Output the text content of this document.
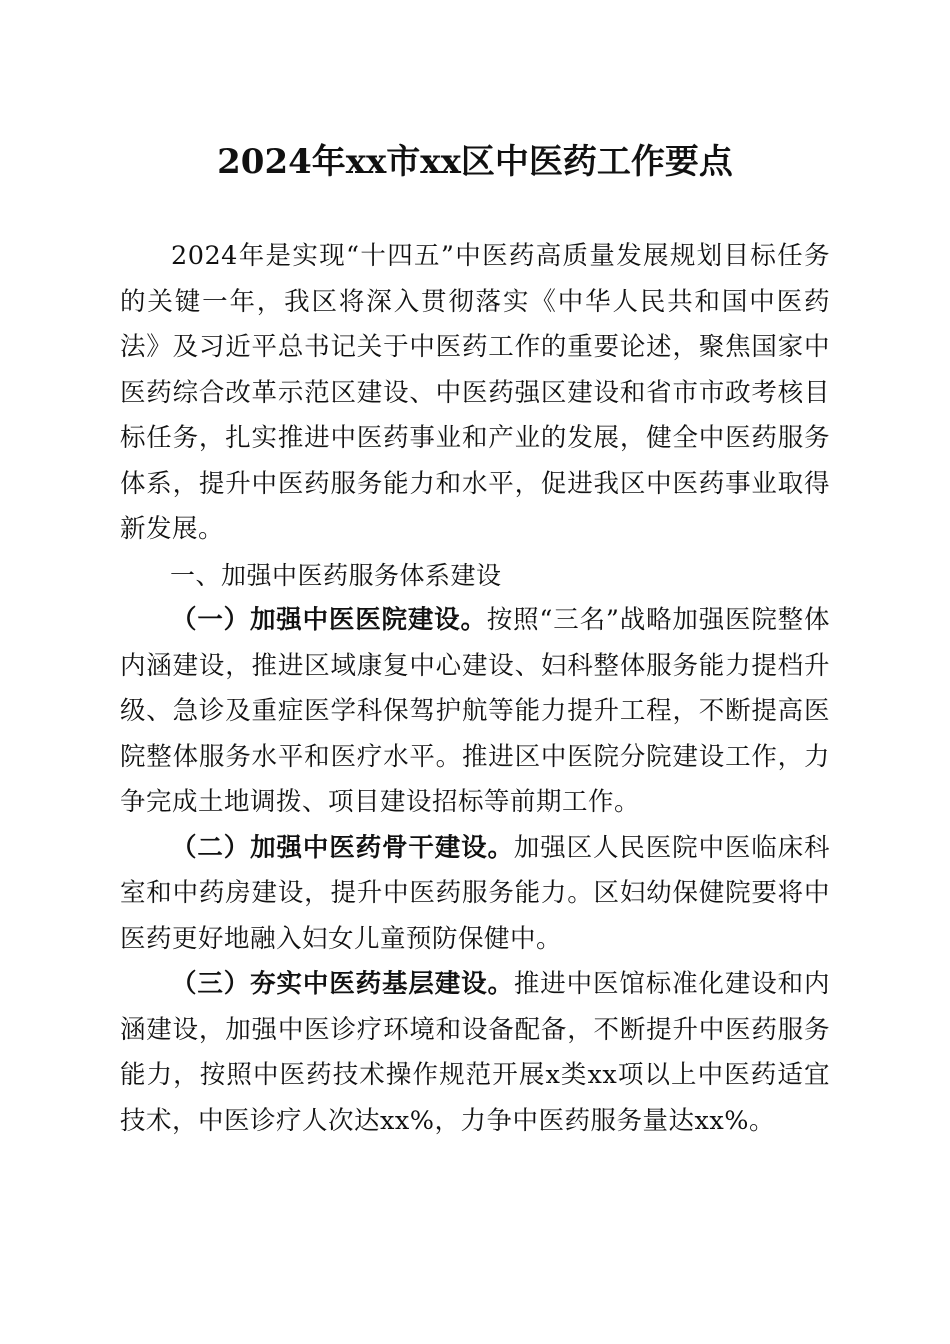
2024年xx市xx区中医药工作要点

2024年是实现“十四五”中医药高质量发展规划目标任务的关键一年，我区将深入贯彻落实《中华人民共和国中医药法》及习近平总书记关于中医药工作的重要论述，聚焦国家中医药综合改革示范区建设、中医药强区建设和省市市政考核目标任务，扎实推进中医药事业和产业的发展，健全中医药服务体系，提升中医药服务能力和水平，促进我区中医药事业取得新发展。

一、加强中医药服务体系建设

（一）加强中医医院建设。按照“三名”战略加强医院整体内涵建设，推进区域康复中心建设、妇科整体服务能力提档升级、急诊及重症医学科保驾护航等能力提升工程，不断提高医院整体服务水平和医疗水平。推进区中医院分院建设工作，力争完成土地调拨、项目建设招标等前期工作。

（二）加强中医药骨干建设。加强区人民医院中医临床科室和中药房建设，提升中医药服务能力。区妇幼保健院要将中医药更好地融入妇女儿童预防保健中。

（三）夯实中医药基层建设。推进中医馆标准化建设和内涵建设，加强中医诊疗环境和设备配备，不断提升中医药服务能力，按照中医药技术操作规范开展x类xx项以上中医药适宜技术，中医诊疗人次达xx%，力争中医药服务量达xx%。
